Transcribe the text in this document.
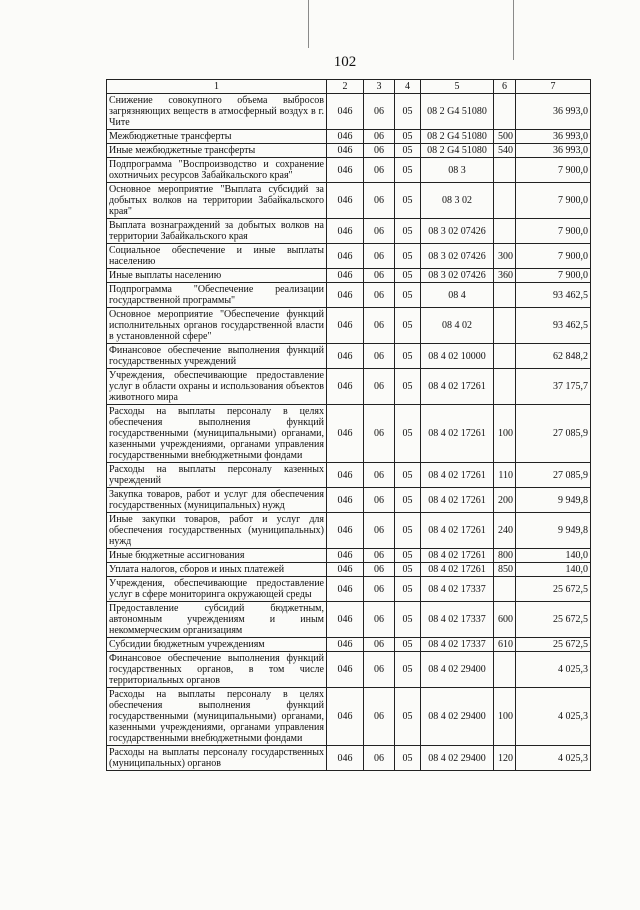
102
1	2	3	4	5	6	7
Снижение совокупного объема выбросов загрязняющих веществ в атмосферный воздух в г. Чите	046	06	05	08 2 G4 51080		36 993,0
Межбюджетные трансферты	046	06	05	08 2 G4 51080	500	36 993,0
Иные межбюджетные трансферты	046	06	05	08 2 G4 51080	540	36 993,0
Подпрограмма "Воспроизводство и сохранение охотничьих ресурсов Забайкальского края"	046	06	05	08 3		7 900,0
Основное мероприятие "Выплата субсидий за добытых волков на территории Забайкальского края"	046	06	05	08 3 02		7 900,0
Выплата вознаграждений за добытых волков на территории Забайкальского края	046	06	05	08 3 02 07426		7 900,0
Социальное обеспечение и иные выплаты населению	046	06	05	08 3 02 07426	300	7 900,0
Иные выплаты населению	046	06	05	08 3 02 07426	360	7 900,0
Подпрограмма "Обеспечение реализации государственной программы"	046	06	05	08 4		93 462,5
Основное мероприятие "Обеспечение функций исполнительных органов государственной власти в установленной сфере"	046	06	05	08 4 02		93 462,5
Финансовое обеспечение выполнения функций государственных учреждений	046	06	05	08 4 02 10000		62 848,2
Учреждения, обеспечивающие предоставление услуг в области охраны и использования объектов животного мира	046	06	05	08 4 02 17261		37 175,7
Расходы на выплаты персоналу в целях обеспечения выполнения функций государственными (муниципальными) органами, казенными учреждениями, органами управления государственными внебюджетными фондами	046	06	05	08 4 02 17261	100	27 085,9
Расходы на выплаты персоналу казенных учреждений	046	06	05	08 4 02 17261	110	27 085,9
Закупка товаров, работ и услуг для обеспечения государственных (муниципальных) нужд	046	06	05	08 4 02 17261	200	9 949,8
Иные закупки товаров, работ и услуг для обеспечения государственных (муниципальных) нужд	046	06	05	08 4 02 17261	240	9 949,8
Иные бюджетные ассигнования	046	06	05	08 4 02 17261	800	140,0
Уплата налогов, сборов и иных платежей	046	06	05	08 4 02 17261	850	140,0
Учреждения, обеспечивающие предоставление услуг в сфере мониторинга окружающей среды	046	06	05	08 4 02 17337		25 672,5
Предоставление субсидий бюджетным, автономным учреждениям и иным некоммерческим организациям	046	06	05	08 4 02 17337	600	25 672,5
Субсидии бюджетным учреждениям	046	06	05	08 4 02 17337	610	25 672,5
Финансовое обеспечение выполнения функций государственных органов, в том числе территориальных органов	046	06	05	08 4 02 29400		4 025,3
Расходы на выплаты персоналу в целях обеспечения выполнения функций государственными (муниципальными) органами, казенными учреждениями, органами управления государственными внебюджетными фондами	046	06	05	08 4 02 29400	100	4 025,3
Расходы на выплаты персоналу государственных (муниципальных) органов	046	06	05	08 4 02 29400	120	4 025,3
